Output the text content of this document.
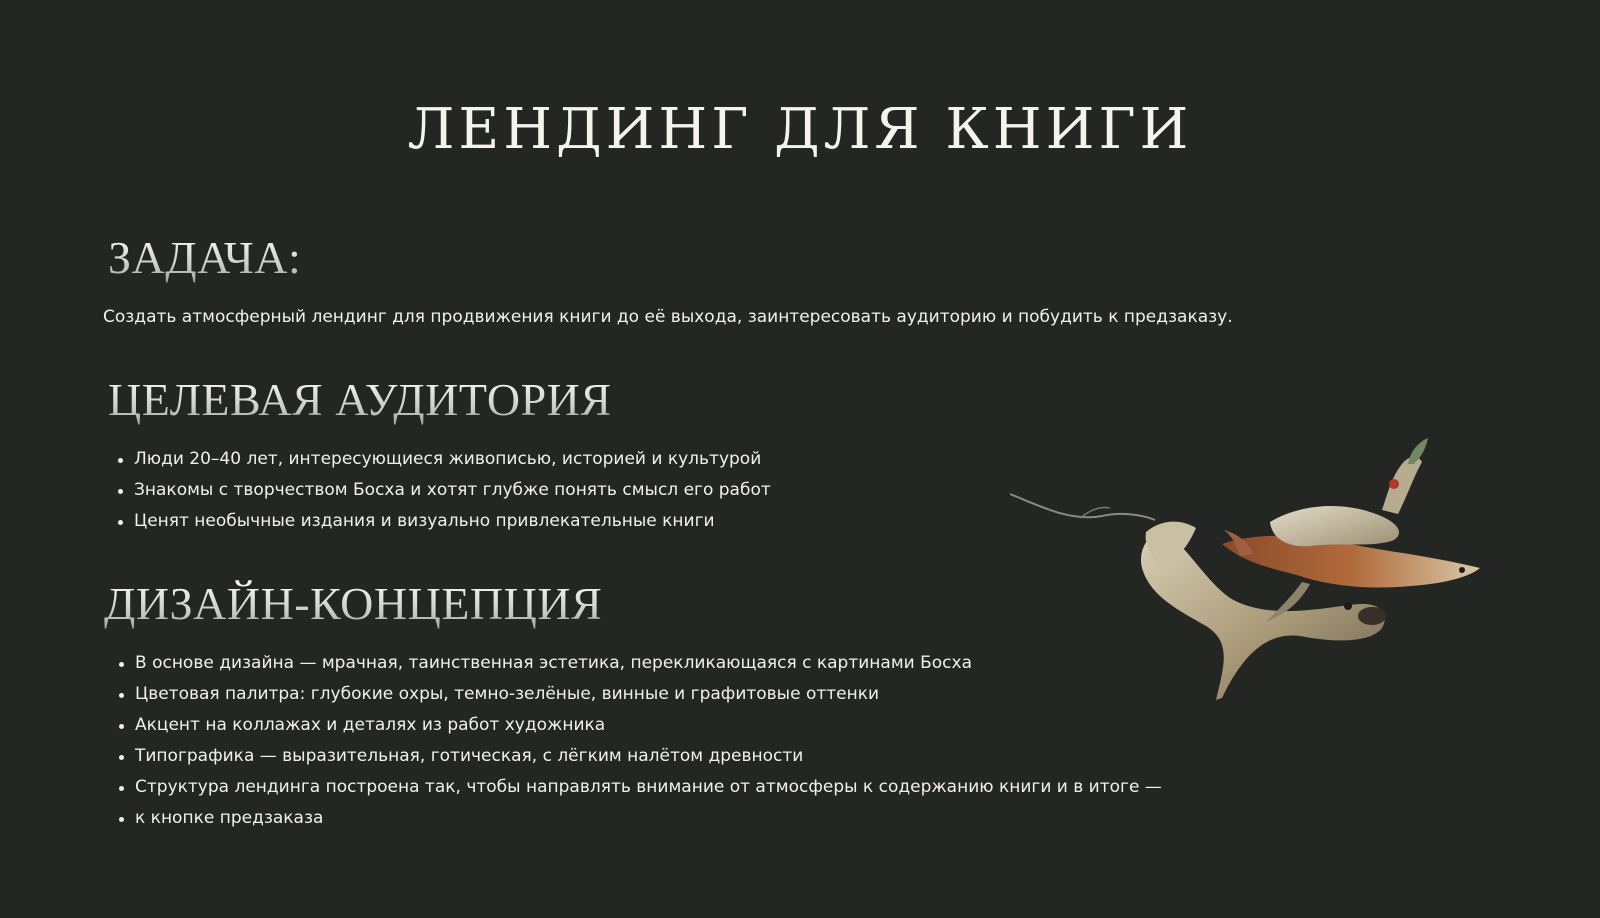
ЛЕНДИНГ ДЛЯ КНИГИ
ЗАДАЧА:

Создать атмосферный лендинг для продвижения книги до её выхода, заинтересовать аудиторию и побудить к предзаказу.

ЦЕЛЕВАЯ АУДИТОРИЯ
Люди 20–40 лет, интересующиеся живописью, историей и культурой
Знакомы с творчеством Босха и хотят глубже понять смысл его работ
Ценят необычные издания и визуально привлекательные книги
ДИЗАЙН-КОНЦЕПЦИЯ
В основе дизайна — мрачная, таинственная эстетика, перекликающаяся с картинами Босха
Цветовая палитра: глубокие охры, темно-зелёные, винные и графитовые оттенки
Акцент на коллажах и деталях из работ художника
Типографика — выразительная, готическая, с лёгким налётом древности
Структура лендинга построена так, чтобы направлять внимание от атмосферы к содержанию книги и в итоге —
к кнопке предзаказа
